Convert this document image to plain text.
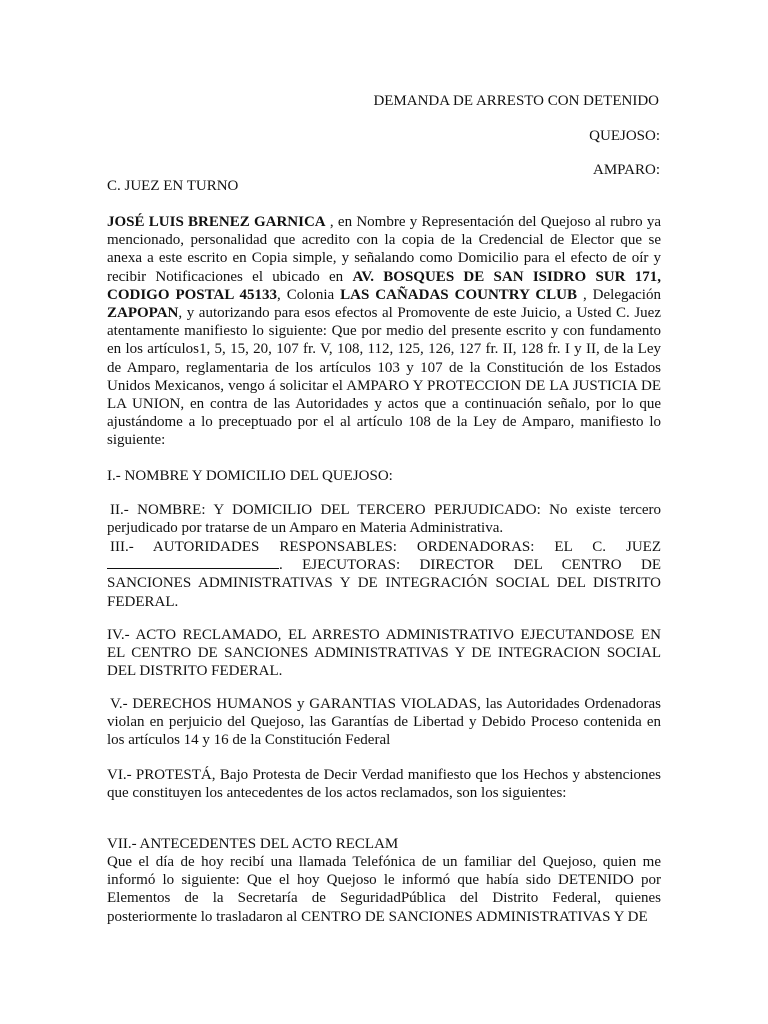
DEMANDA DE ARRESTO CON DETENIDO
QUEJOSO:
AMPARO:
C. JUEZ EN TURNO

JOSÉ LUIS BRENEZ GARNICA , en Nombre y Representación del Quejoso al rubro ya mencionado, personalidad que acredito con la copia de la Credencial de Elector que se anexa a este escrito en Copia simple, y señalando como Domicilio para el efecto de oír y recibir Notificaciones el ubicado en AV. BOSQUES DE SAN ISIDRO SUR 171, CODIGO POSTAL 45133, Colonia LAS CAÑADAS COUNTRY CLUB , Delegación ZAPOPAN, y autorizando para esos efectos al Promovente de este Juicio, a Usted C. Juez atentamente manifiesto lo siguiente: Que por medio del presente escrito y con fundamento en los artículos1, 5, 15, 20, 107 fr. V, 108, 112, 125, 126, 127 fr. II, 128 fr. I y II, de la Ley de Amparo, reglamentaria de los artículos 103 y 107 de la Constitución de los Estados Unidos Mexicanos, vengo á solicitar el AMPARO Y PROTECCION DE LA JUSTICIA DE LA UNION, en contra de las Autoridades y actos que a continuación señalo, por lo que ajustándome a lo preceptuado por el al artículo 108 de la Ley de Amparo, manifiesto lo siguiente:

I.- NOMBRE Y DOMICILIO DEL QUEJOSO:

II.- NOMBRE: Y DOMICILIO DEL TERCERO PERJUDICADO: No existe tercero perjudicado por tratarse de un Amparo en Materia Administrativa.

III.- AUTORIDADES RESPONSABLES: ORDENADORAS: EL C. JUEZ . EJECUTORAS: DIRECTOR DEL CENTRO DE SANCIONES ADMINISTRATIVAS Y DE INTEGRACIÓN SOCIAL DEL DISTRITO FEDERAL.

IV.- ACTO RECLAMADO, EL ARRESTO ADMINISTRATIVO EJECUTANDOSE EN EL CENTRO DE SANCIONES ADMINISTRATIVAS Y DE INTEGRACION SOCIAL DEL DISTRITO FEDERAL.

V.- DERECHOS HUMANOS y GARANTIAS VIOLADAS, las Autoridades Ordenadoras violan en perjuicio del Quejoso, las Garantías de Libertad y Debido Proceso contenida en los artículos 14 y 16 de la Constitución Federal

VI.- PROTESTÁ, Bajo Protesta de Decir Verdad manifiesto que los Hechos y abstenciones que constituyen los antecedentes de los actos reclamados, son los siguientes:

VII.- ANTECEDENTES DEL ACTO RECLAM

Que el día de hoy recibí una llamada Telefónica de un familiar del Quejoso, quien me informó lo siguiente: Que el hoy Quejoso le informó que había sido DETENIDO por Elementos de la Secretaría de SeguridadPública del Distrito Federal, quienes posteriormente lo trasladaron al CENTRO DE SANCIONES ADMINISTRATIVAS Y DE
